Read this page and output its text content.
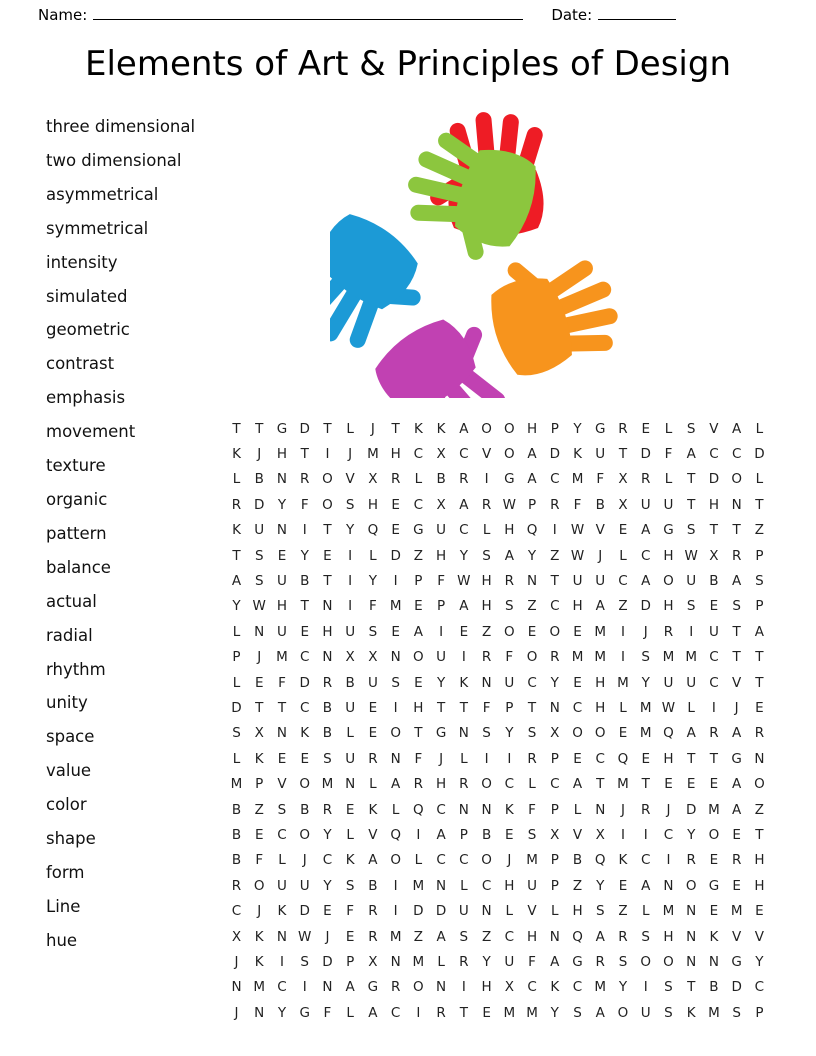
Name:	Date:
Elements of Art & Principles of Design
three dimensional
two dimensional
asymmetrical
symmetrical
intensity
simulated
geometric
contrast
emphasis
movement
texture
organic
pattern
balance
actual
radial
rhythm
unity
space
value
color
shape
form
Line
hue
T	T G D T	L	J	T	K	K	A O O H	P	Y G R	E	L	S	V A	L
K	J	H	T	I	J	M H C X C V O A D K U	T D	F	A C C D
L	B N R O V X R	L	B R	I	G A C M F	X R	L	T D O	L
R D Y	F	O S H E	C X A R W P	R	F	B X U U	T	H N	T
K U N	I	T	Y Q E G U C	L	H Q	I	W V	E	A G S	T	T	Z
T	S	E	Y	E	I	L	D Z H	Y	S	A	Y	Z W	J	L	C H W X R	P
A	S	U B	T	I	Y	I	P	F W H R N	T	U U C A O U B A	S
Y W H	T	N	I	F M E	P	A H S	Z C H A Z D H S	E	S	P
L	N U	E H U	S	E	A	I	E	Z O E O E M	I	J	R	I	U	T	A
P	J	M C N X X N O U	I	R	F	O R M M	I	S M M C	T	T
L	E	F	D R B U	S	E	Y	K N U C	Y	E H M Y	U U C V	T
D T	T	C B U	E	I	H	T	T	F	P	T	N C H	L M W L	I	J	E
S	X N K	B	L	E O T G N S	Y	S	X O O E M Q A R A R
L	K	E	E	S	U R N	F	J	L	I	I	R	P	E	C Q E H	T	T G N
M P	V O M N	L	A R H R O C	L	C A	T M T	E	E	E	A O
B Z	S	B R	E	K	L	Q C N N K	F	P	L	N	J	R	J	D M A Z
B	E	C O Y	L	V Q	I	A	P	B	E	S	X V X	I	I	C	Y O E	T
B	F	L	J	C	K	A O	L	C C O	J	M P	B Q K	C	I	R	E	R H
R O U U	Y	S	B	I	M N	L	C H U	P	Z	Y	E	A N O G E H
C	J	K D E	F	R	I	D D U N	L	V	L	H S	Z	L M N E M E
X	K N W	J	E	R M Z A	S	Z C H N Q A R	S H N K	V V
J	K	I	S D P	X N M L	R	Y	U	F	A G R	S O O N N G Y
N M C	I	N A G R O N	I	H X C	K	C M Y	I	S	T	B D C
J	N	Y G	F	L	A C	I	R	T	E M M Y	S	A O U	S	K M S	P
